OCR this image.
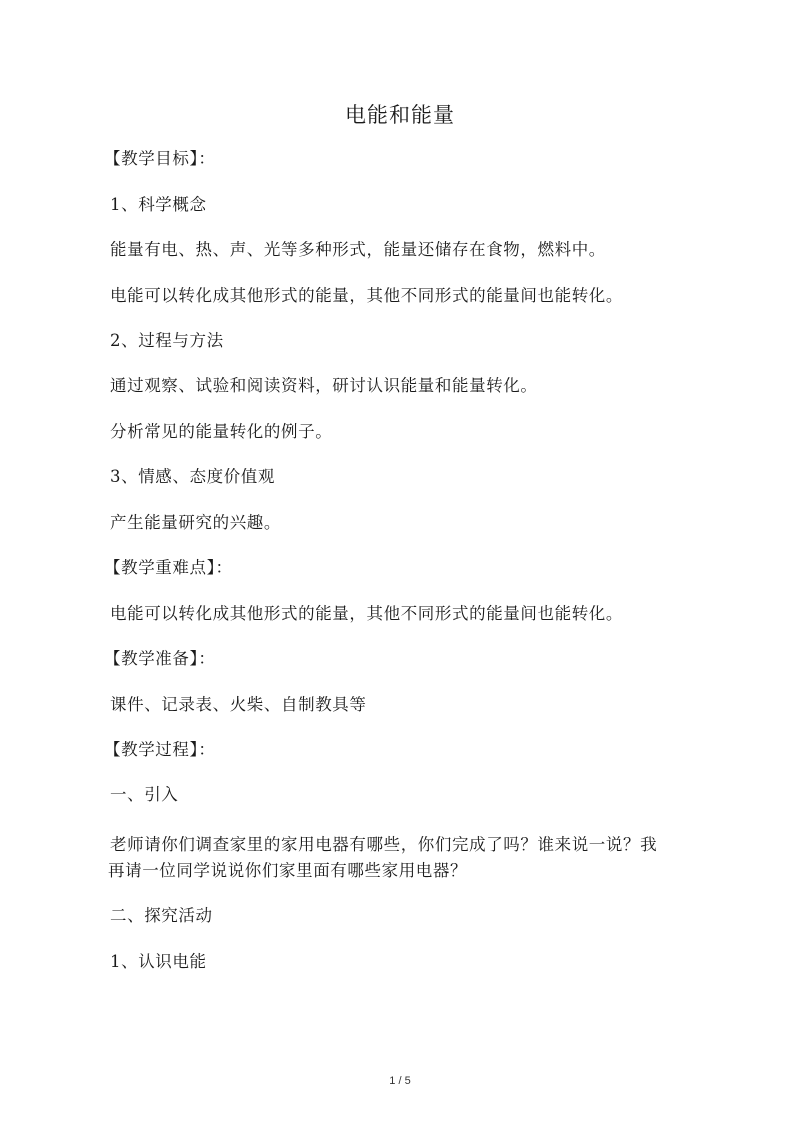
电能和能量
【教学目标】：
1、科学概念
能量有电、热、声、光等多种形式，能量还储存在食物，燃料中。
电能可以转化成其他形式的能量，其他不同形式的能量间也能转化。
2、过程与方法
通过观察、试验和阅读资料，研讨认识能量和能量转化。
分析常见的能量转化的例子。
3、情感、态度价值观
产生能量研究的兴趣。
【教学重难点】：
电能可以转化成其他形式的能量，其他不同形式的能量间也能转化。
【教学准备】：
课件、记录表、火柴、自制教具等
【教学过程】：
一、引入
老师请你们调查家里的家用电器有哪些，你们完成了吗？谁来说一说？我
再请一位同学说说你们家里面有哪些家用电器？
二、探究活动
1、认识电能
1 / 5
